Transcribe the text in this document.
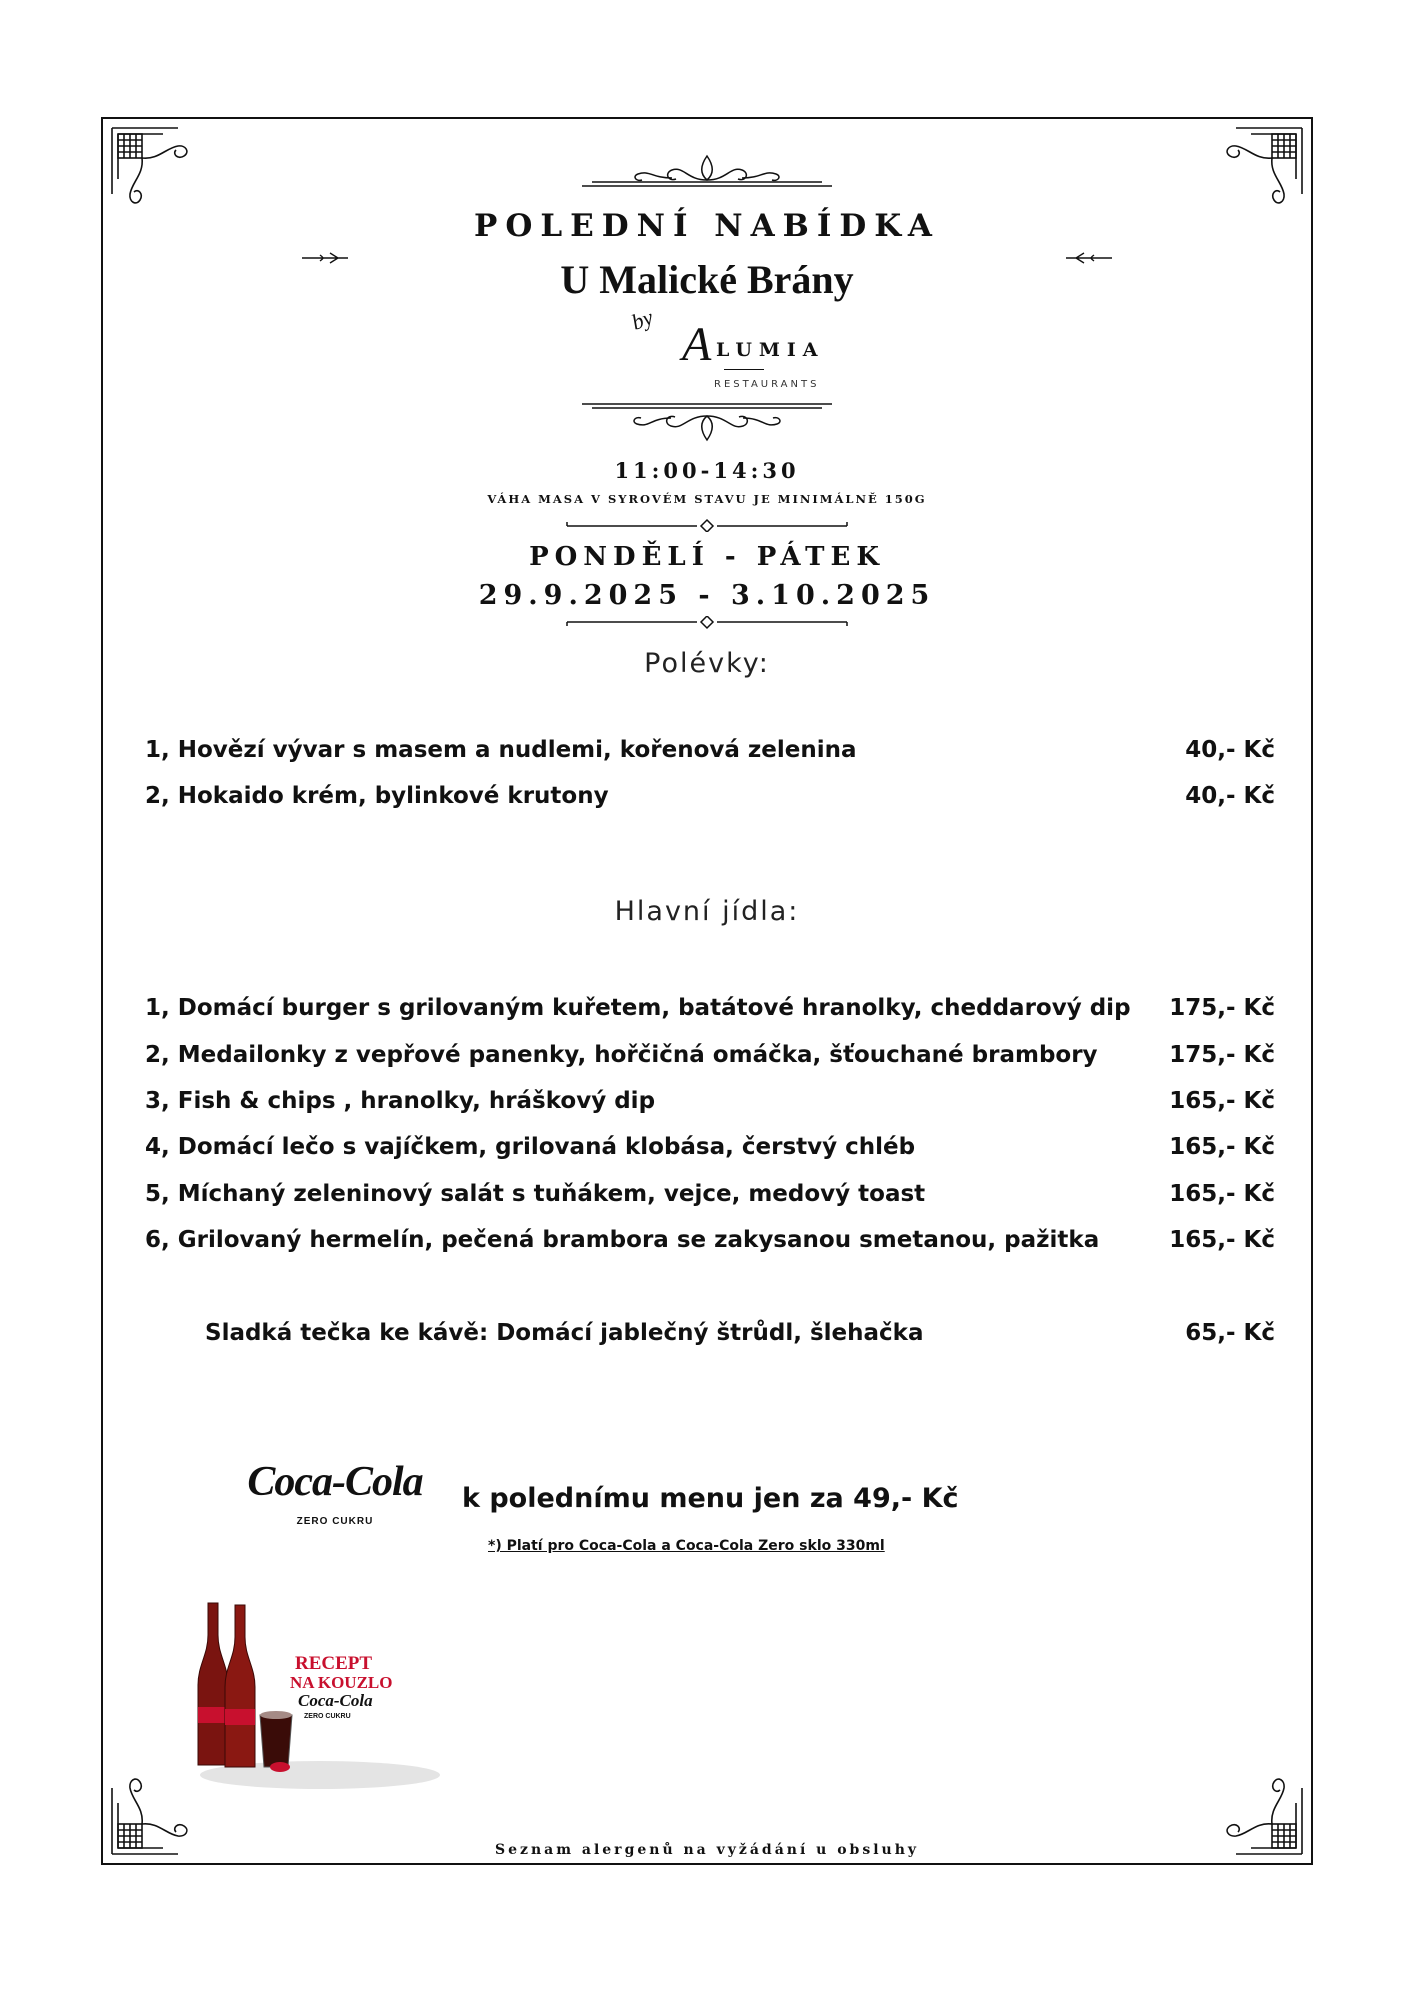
POLEDNÍ NABÍDKA
U Malické Brány
by A LUMIA
RESTAURANTS
11:00-14:30
VÁHA MASA V SYROVÉM STAVU JE MINIMÁLNĚ 150G
PONDĚLÍ - PÁTEK
29.9.2025 - 3.10.2025
Polévky:
1, Hovězí vývar s masem a nudlemi, kořenová zelenina	40,- Kč
2, Hokaido krém, bylinkové krutony	40,- Kč
Hlavní jídla:
1, Domácí burger s grilovaným kuřetem, batátové hranolky, cheddarový dip 175,- Kč
2, Medailonky z vepřové panenky, hořčičná omáčka, šťouchané brambory	175,- Kč
3, Fish & chips , hranolky, hráškový dip	165,- Kč
4, Domácí lečo s vajíčkem, grilovaná klobása, čerstvý chléb	165,- Kč
5, Míchaný zeleninový salát s tuňákem, vejce, medový toast	165,- Kč
6, Grilovaný hermelín, pečená brambora se zakysanou smetanou, pažitka	165,- Kč
Sladká tečka ke kávě: Domácí jablečný štrůdl, šlehačka	65,- Kč
Coca-Cola
ZERO CUKRU
k polednímu menu jen za 49,- Kč
*) Platí pro Coca-Cola a Coca-Cola Zero sklo 330ml
RECEPT
NA KOUZLO
Coca-Cola
ZERO CUKRU
Seznam alergenů na vyžádání u obsluhy
